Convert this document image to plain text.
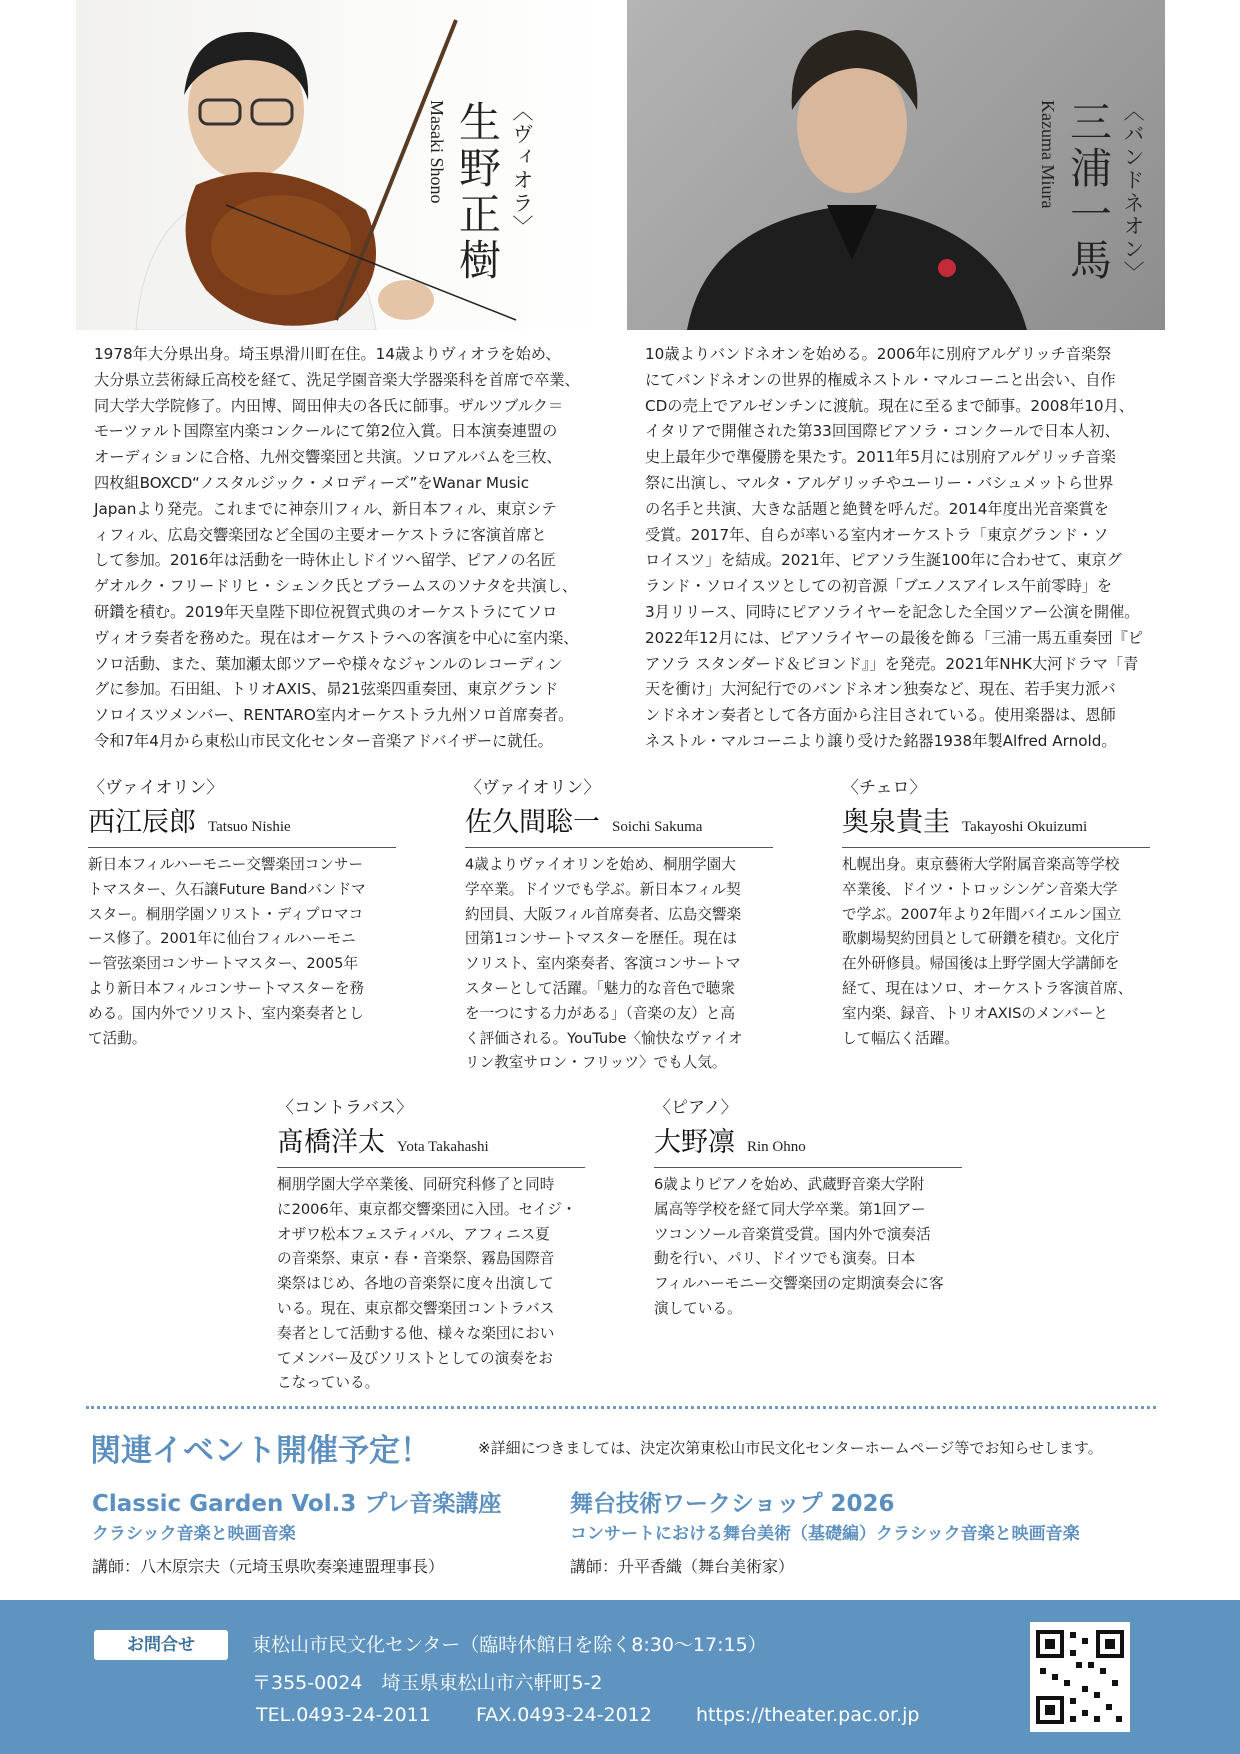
〈ヴィオラ〉
生野正樹
Masaki Shono	〈バンドネオン〉
三浦一馬
Kazuma Miura

1978年大分県出身。埼玉県滑川町在住。14歳よりヴィオラを始め、
大分県立芸術緑丘高校を経て、洗足学園音楽大学器楽科を首席で卒業、
同大学大学院修了。内田博、岡田伸夫の各氏に師事。ザルツブルク＝
モーツァルト国際室内楽コンクールにて第2位入賞。日本演奏連盟の
オーディションに合格、九州交響楽団と共演。ソロアルバムを三枚、
四枚組BOXCD“ノスタルジック・メロディーズ”をWanar Music
Japanより発売。これまでに神奈川フィル、新日本フィル、東京シテ
ィフィル、広島交響楽団など全国の主要オーケストラに客演首席と
して参加。2016年は活動を一時休止しドイツへ留学、ピアノの名匠
ゲオルク・フリードリヒ・シェンク氏とブラームスのソナタを共演し、
研鑽を積む。2019年天皇陛下即位祝賀式典のオーケストラにてソロ
ヴィオラ奏者を務めた。現在はオーケストラへの客演を中心に室内楽、
ソロ活動、また、葉加瀬太郎ツアーや様々なジャンルのレコーディン
グに参加。石田組、トリオAXIS、昴21弦楽四重奏団、東京グランド
ソロイスツメンバー、RENTARO室内オーケストラ九州ソロ首席奏者。
令和7年4月から東松山市民文化センター音楽アドバイザーに就任。

10歳よりバンドネオンを始める。2006年に別府アルゲリッチ音楽祭
にてバンドネオンの世界的権威ネストル・マルコーニと出会い、自作
CDの売上でアルゼンチンに渡航。現在に至るまで師事。2008年10月、
イタリアで開催された第33回国際ピアソラ・コンクールで日本人初、
史上最年少で準優勝を果たす。2011年5月には別府アルゲリッチ音楽
祭に出演し、マルタ・アルゲリッチやユーリー・バシュメットら世界
の名手と共演、大きな話題と絶賛を呼んだ。2014年度出光音楽賞を
受賞。2017年、自らが率いる室内オーケストラ「東京グランド・ソ
ロイスツ」を結成。2021年、ピアソラ生誕100年に合わせて、東京グ
ランド・ソロイスツとしての初音源「ブエノスアイレス午前零時」を
3月リリース、同時にピアソライヤーを記念した全国ツアー公演を開催。
2022年12月には、ピアソライヤーの最後を飾る「三浦一馬五重奏団『ピ
アソラ スタンダード＆ビヨンド』」を発売。2021年NHK大河ドラマ「青
天を衝け」大河紀行でのバンドネオン独奏など、現在、若手実力派バ
ンドネオン奏者として各方面から注目されている。使用楽器は、恩師
ネストル・マルコーニより譲り受けた銘器1938年製Alfred Arnold。

〈ヴァイオリン〉
西江辰郎 Tatsuo Nishie

新日本フィルハーモニー交響楽団コンサー
トマスター、久石譲Future Bandバンドマ
スター。桐朋学園ソリスト・ディプロマコ
ース修了。2001年に仙台フィルハーモニ
ー管弦楽団コンサートマスター、2005年
より新日本フィルコンサートマスターを務
める。国内外でソリスト、室内楽奏者とし
て活動。

〈ヴァイオリン〉
佐久間聡一 Soichi Sakuma

4歳よりヴァイオリンを始め、桐朋学園大
学卒業。ドイツでも学ぶ。新日本フィル契
約団員、大阪フィル首席奏者、広島交響楽
団第1コンサートマスターを歴任。現在は
ソリスト、室内楽奏者、客演コンサートマ
スターとして活躍。「魅力的な音色で聴衆
を一つにする力がある」（音楽の友）と高
く評価される。YouTube〈愉快なヴァイオ
リン教室サロン・フリッツ〉でも人気。

〈チェロ〉
奥泉貴圭 Takayoshi Okuizumi

札幌出身。東京藝術大学附属音楽高等学校
卒業後、ドイツ・トロッシンゲン音楽大学
で学ぶ。2007年より2年間バイエルン国立
歌劇場契約団員として研鑽を積む。文化庁
在外研修員。帰国後は上野学園大学講師を
経て、現在はソロ、オーケストラ客演首席、
室内楽、録音、トリオAXISのメンバーと
して幅広く活躍。

〈コントラバス〉
髙橋洋太 Yota Takahashi

桐朋学園大学卒業後、同研究科修了と同時
に2006年、東京都交響楽団に入団。セイジ・
オザワ松本フェスティバル、アフィニス夏
の音楽祭、東京・春・音楽祭、霧島国際音
楽祭はじめ、各地の音楽祭に度々出演して
いる。現在、東京都交響楽団コントラバス
奏者として活動する他、様々な楽団におい
てメンバー及びソリストとしての演奏をお
こなっている。

〈ピアノ〉
大野凛 Rin Ohno

6歳よりピアノを始め、武蔵野音楽大学附
属高等学校を経て同大学卒業。第1回アー
ツコンソール音楽賞受賞。国内外で演奏活
動を行い、パリ、ドイツでも演奏。日本
フィルハーモニー交響楽団の定期演奏会に客
演している。

関連イベント開催予定！	※詳細につきましては、決定次第東松山市民文化センターホームページ等でお知らせします。
Classic Garden Vol.3 プレ音楽講座
クラシック音楽と映画音楽
講師：八木原宗夫（元埼玉県吹奏楽連盟理事長）
舞台技術ワークショップ 2026
コンサートにおける舞台美術（基礎編）クラシック音楽と映画音楽
講師：升平香織（舞台美術家）
お問合せ	東松山市民文化センター（臨時休館日を除く8:30〜17:15）
〒355-0024　埼玉県東松山市六軒町5-2
TEL.0493-24-2011 FAX.0493-24-2012 https://theater.pac.or.jp
